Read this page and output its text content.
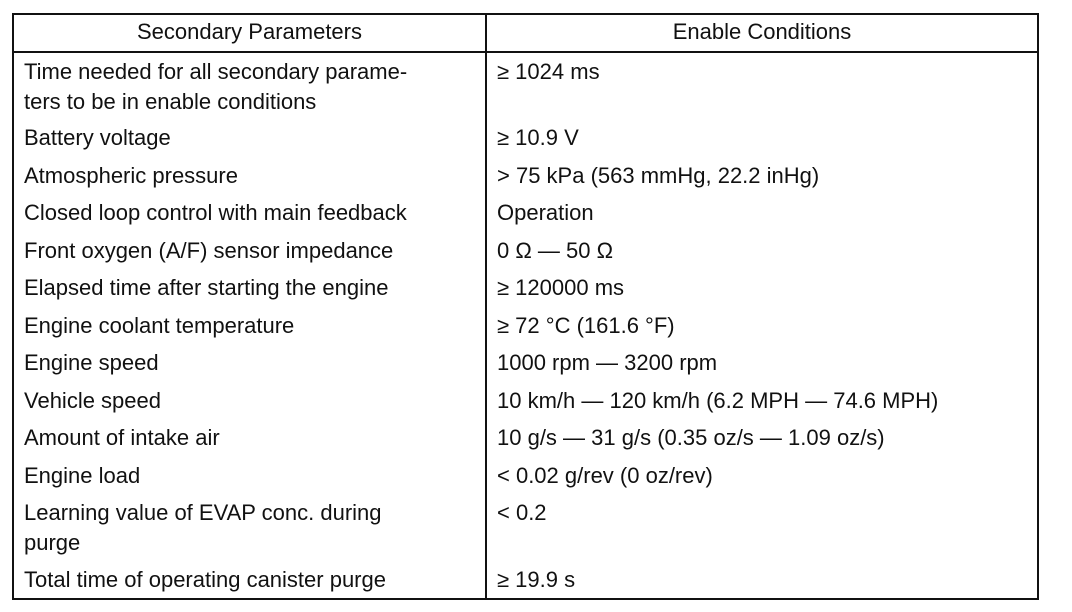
Secondary Parameters	Enable Conditions

Time needed for all secondary parame-
ters to be in enable conditions	≥ 1024 ms
Battery voltage	≥ 10.9 V
Atmospheric pressure	> 75 kPa (563 mmHg, 22.2 inHg)
Closed loop control with main feedback	Operation
Front oxygen (A/F) sensor impedance	0 Ω — 50 Ω
Elapsed time after starting the engine	≥ 120000 ms
Engine coolant temperature	≥ 72 °C (161.6 °F)
Engine speed	1000 rpm — 3200 rpm
Vehicle speed	10 km/h — 120 km/h (6.2 MPH — 74.6 MPH)
Amount of intake air	10 g/s — 31 g/s (0.35 oz/s — 1.09 oz/s)
Engine load	< 0.02 g/rev (0 oz/rev)

Learning value of EVAP conc. during
purge	< 0.2
Total time of operating canister purge	≥ 19.9 s
